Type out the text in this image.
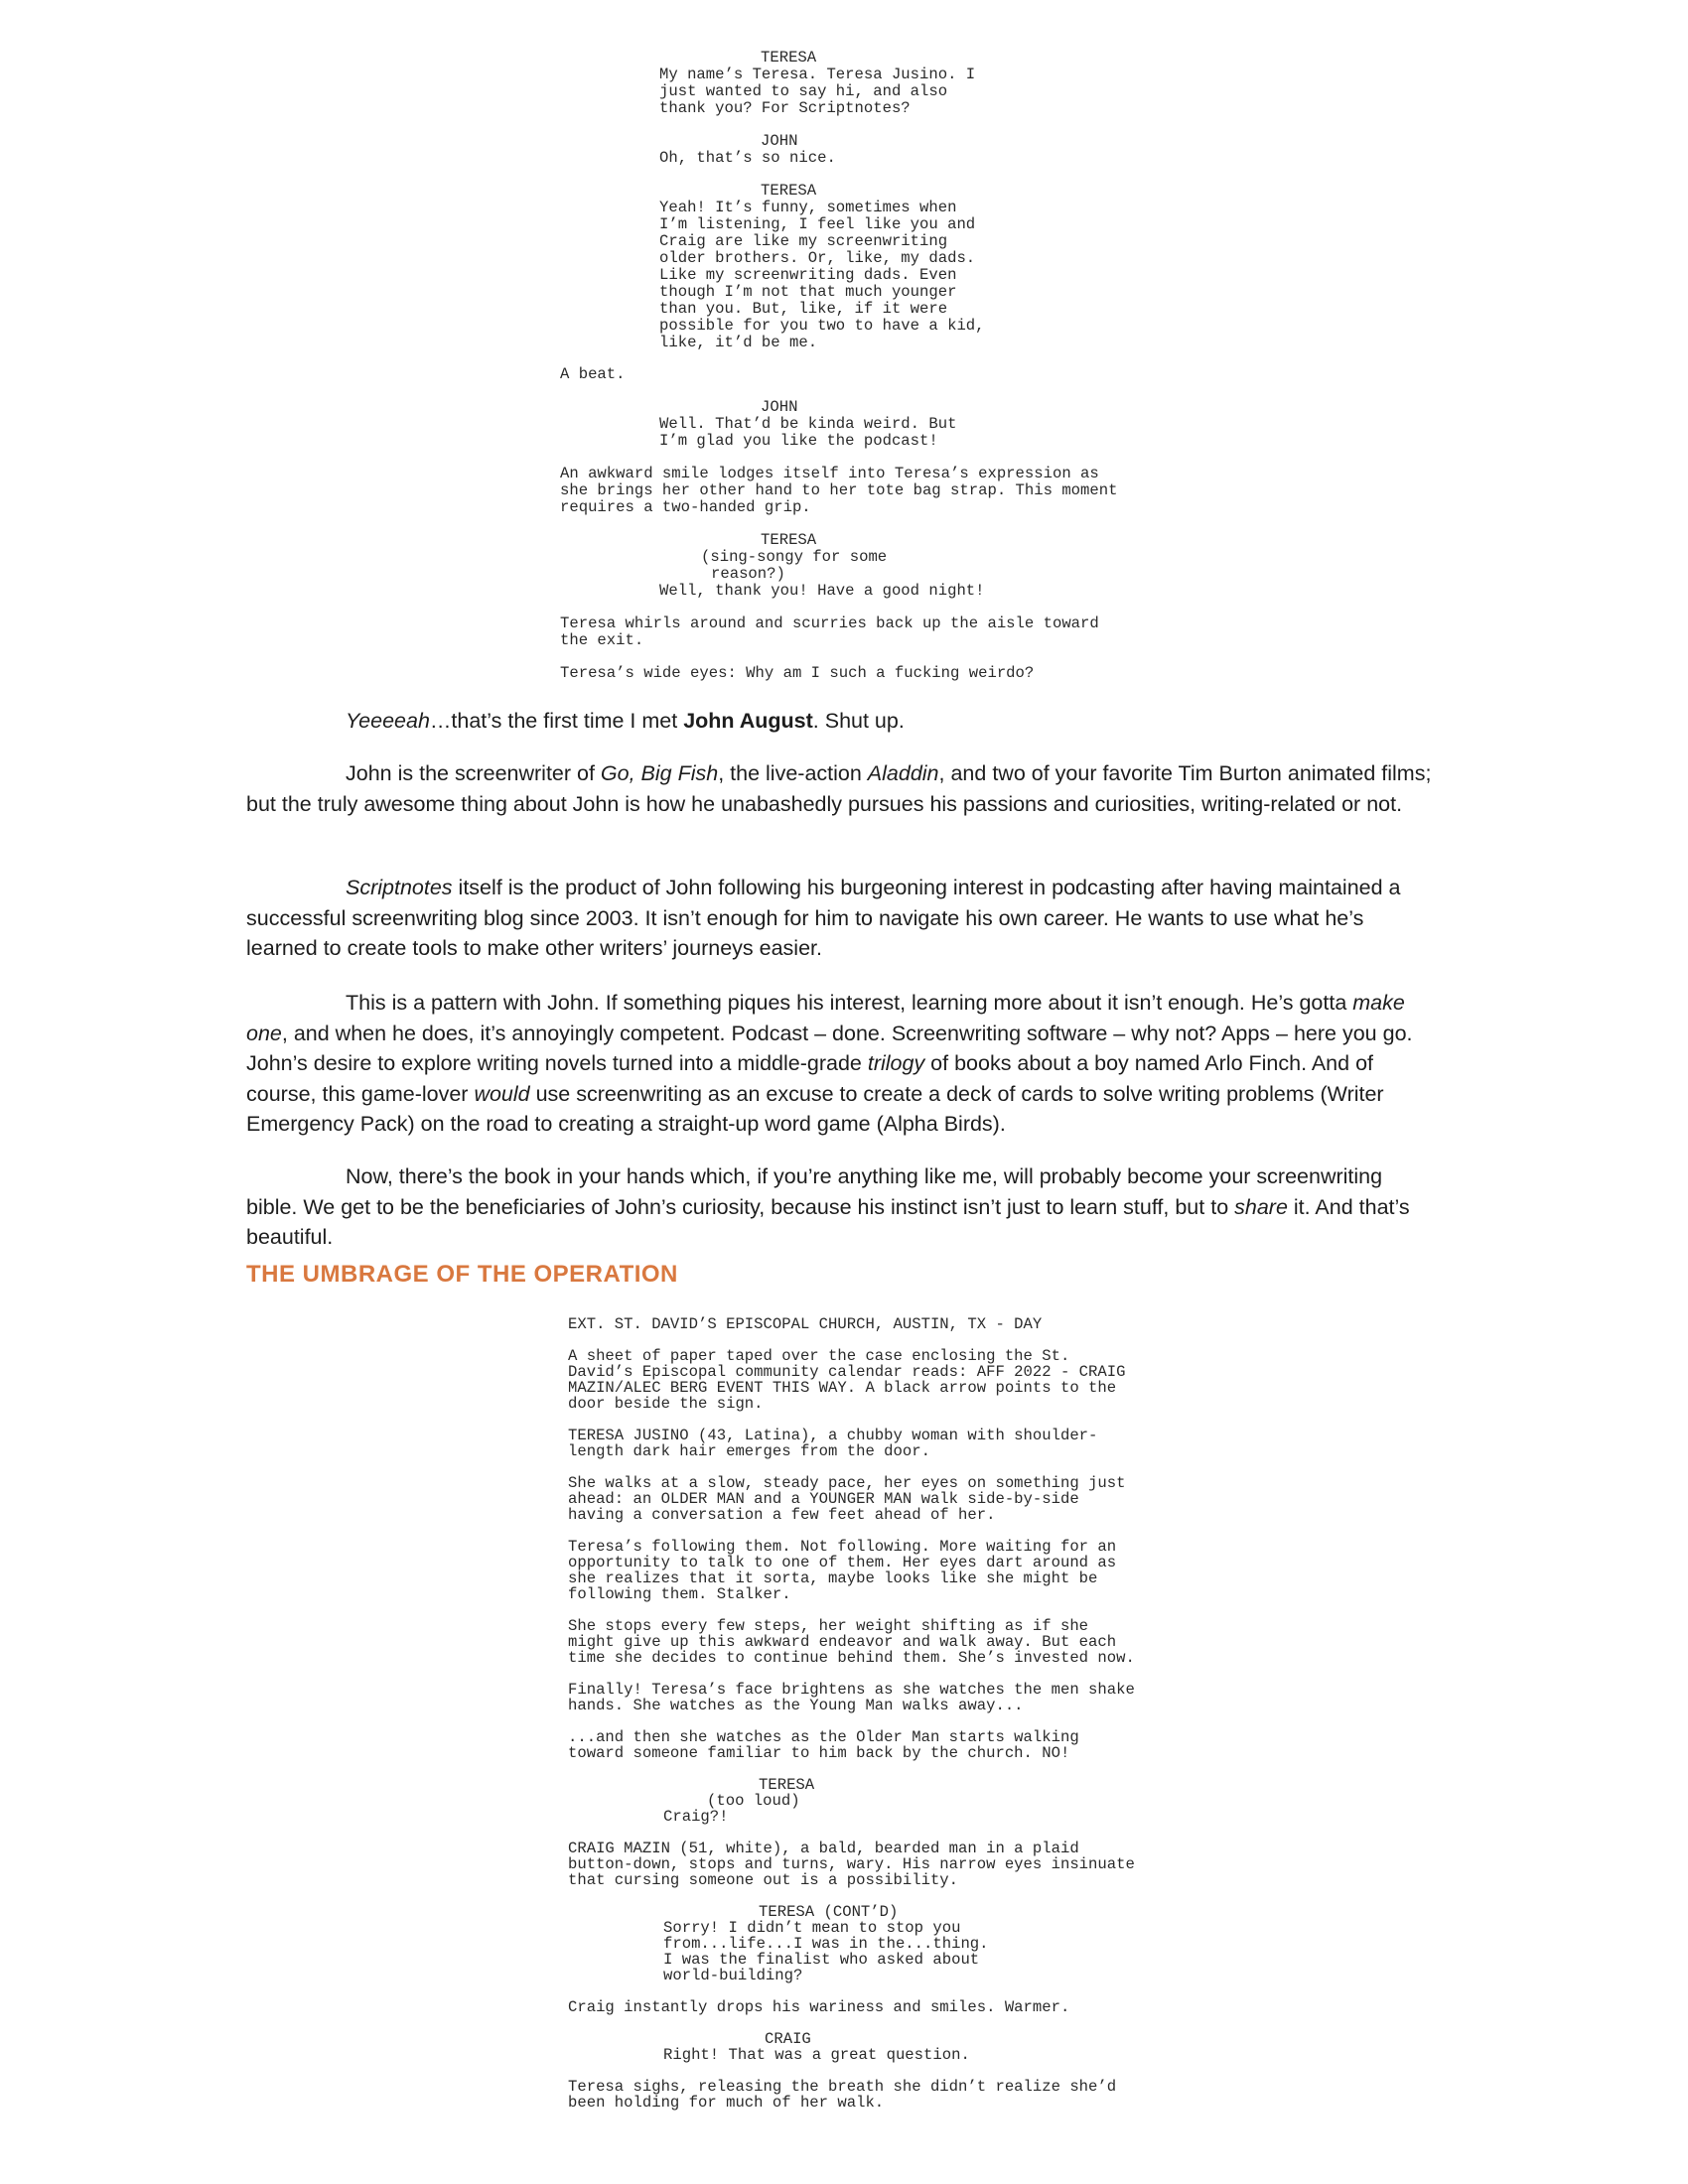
TERESA

My name’s Teresa. Teresa Jusino. I

just wanted to say hi, and also

thank you? For Scriptnotes?

JOHN

Oh, that’s so nice.

TERESA

Yeah! It’s funny, sometimes when

I’m listening, I feel like you and

Craig are like my screenwriting

older brothers. Or, like, my dads.

Like my screenwriting dads. Even

though I’m not that much younger

than you. But, like, if it were

possible for you two to have a kid,

like, it’d be me.

A beat.

JOHN

Well. That’d be kinda weird. But

I’m glad you like the podcast!

An awkward smile lodges itself into Teresa’s expression as

she brings her other hand to her tote bag strap. This moment

requires a two-handed grip.

TERESA

(sing-songy for some

reason?)

Well, thank you! Have a good night!

Teresa whirls around and scurries back up the aisle toward

the exit.

Teresa’s wide eyes: Why am I such a fucking weirdo?

Yeeeeah…that’s the first time I met John August. Shut up.

John is the screenwriter of Go, Big Fish, the live-action Aladdin, and two of your favorite Tim Burton animated films; but the truly awesome thing about John is how he unabashedly pursues his passions and curiosities, writing-related or not.

Scriptnotes itself is the product of John following his burgeoning interest in podcasting after having maintained a successful screenwriting blog since 2003. It isn’t enough for him to navigate his own career. He wants to use what he’s learned to create tools to make other writers’ journeys easier.

This is a pattern with John. If something piques his interest, learning more about it isn’t enough. He’s gotta make one, and when he does, it’s annoyingly competent. Podcast – done. Screenwriting software – why not? Apps – here you go. John’s desire to explore writing novels turned into a middle-grade trilogy of books about a boy named Arlo Finch. And of course, this game-lover would use screenwriting as an excuse to create a deck of cards to solve writing problems (Writer Emergency Pack) on the road to creating a straight-up word game (Alpha Birds).

Now, there’s the book in your hands which, if you’re anything like me, will probably become your screenwriting bible. We get to be the beneficiaries of John’s curiosity, because his instinct isn’t just to learn stuff, but to share it. And that’s beautiful.

THE UMBRAGE OF THE OPERATION

EXT. ST. DAVID’S EPISCOPAL CHURCH, AUSTIN, TX - DAY

A sheet of paper taped over the case enclosing the St.

David’s Episcopal community calendar reads: AFF 2022 - CRAIG

MAZIN/ALEC BERG EVENT THIS WAY. A black arrow points to the

door beside the sign.

TERESA JUSINO (43, Latina), a chubby woman with shoulder-

length dark hair emerges from the door.

She walks at a slow, steady pace, her eyes on something just

ahead: an OLDER MAN and a YOUNGER MAN walk side-by-side

having a conversation a few feet ahead of her.

Teresa’s following them. Not following. More waiting for an

opportunity to talk to one of them. Her eyes dart around as

she realizes that it sorta, maybe looks like she might be

following them. Stalker.

She stops every few steps, her weight shifting as if she

might give up this awkward endeavor and walk away. But each

time she decides to continue behind them. She’s invested now.

Finally! Teresa’s face brightens as she watches the men shake

hands. She watches as the Young Man walks away...

...and then she watches as the Older Man starts walking

toward someone familiar to him back by the church. NO!

TERESA

(too loud)

Craig?!

CRAIG MAZIN (51, white), a bald, bearded man in a plaid

button-down, stops and turns, wary. His narrow eyes insinuate

that cursing someone out is a possibility.

TERESA (CONT’D)

Sorry! I didn’t mean to stop you

from...life...I was in the...thing.

I was the finalist who asked about

world-building?

Craig instantly drops his wariness and smiles. Warmer.

CRAIG

Right! That was a great question.

Teresa sighs, releasing the breath she didn’t realize she’d

been holding for much of her walk.
